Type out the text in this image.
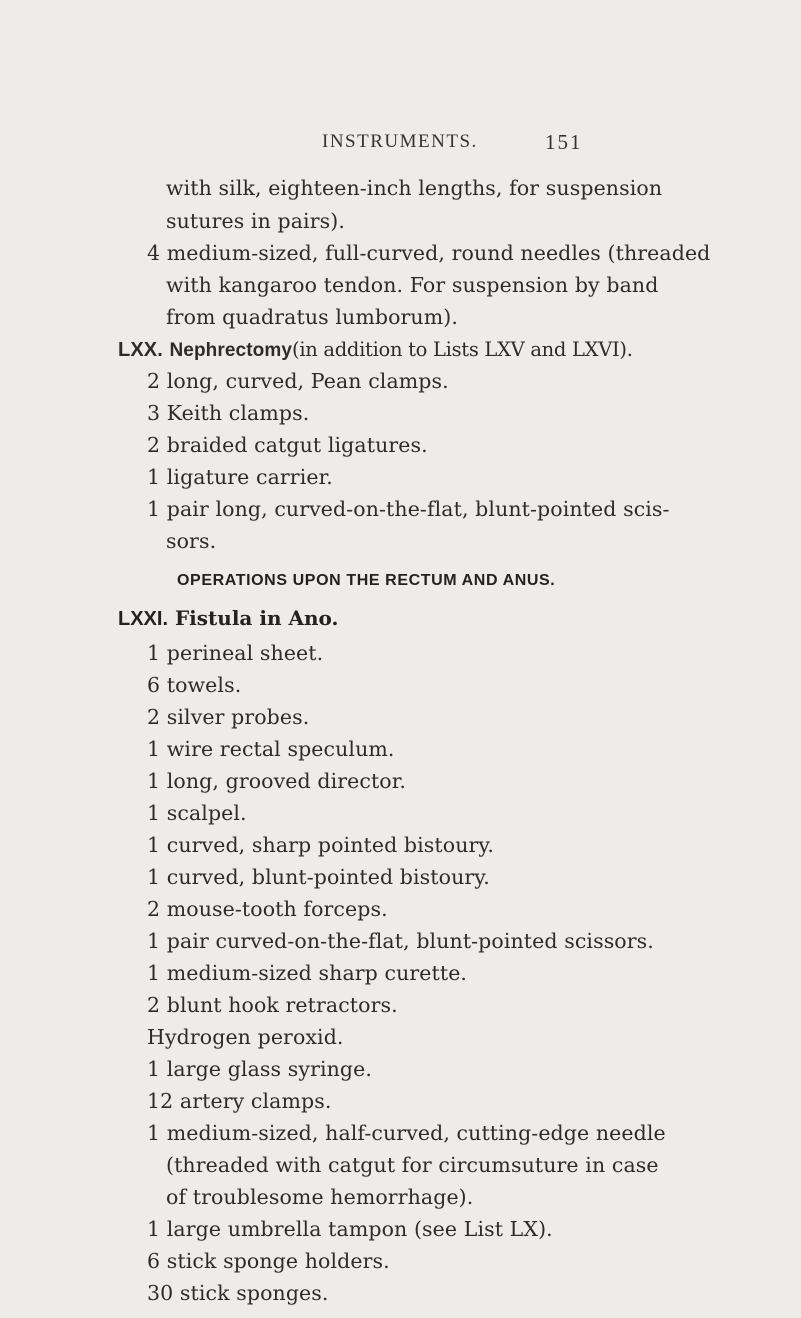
INSTRUMENTS.	151
with silk, eighteen-inch lengths, for suspension
sutures in pairs).
4 medium-sized, full-curved, round needles (threaded
with kangaroo tendon. For suspension by band
from quadratus lumborum).
LXX. Nephrectomy(in addition to Lists LXV and LXVI).
2 long, curved, Pean clamps.
3 Keith clamps.
2 braided catgut ligatures.
1 ligature carrier.
1 pair long, curved-on-the-flat, blunt-pointed scis-
sors.
OPERATIONS UPON THE RECTUM AND ANUS.
LXXI. Fistula in Ano.
1 perineal sheet.
6 towels.
2 silver probes.
1 wire rectal speculum.
1 long, grooved director.
1 scalpel.
1 curved, sharp pointed bistoury.
1 curved, blunt-pointed bistoury.
2 mouse-tooth forceps.
1 pair curved-on-the-flat, blunt-pointed scissors.
1 medium-sized sharp curette.
2 blunt hook retractors.
Hydrogen peroxid.
1 large glass syringe.
12 artery clamps.
1 medium-sized, half-curved, cutting-edge needle
(threaded with catgut for circumsuture in case
of troublesome hemorrhage).
1 large umbrella tampon (see List LX).
6 stick sponge holders.
30 stick sponges.
